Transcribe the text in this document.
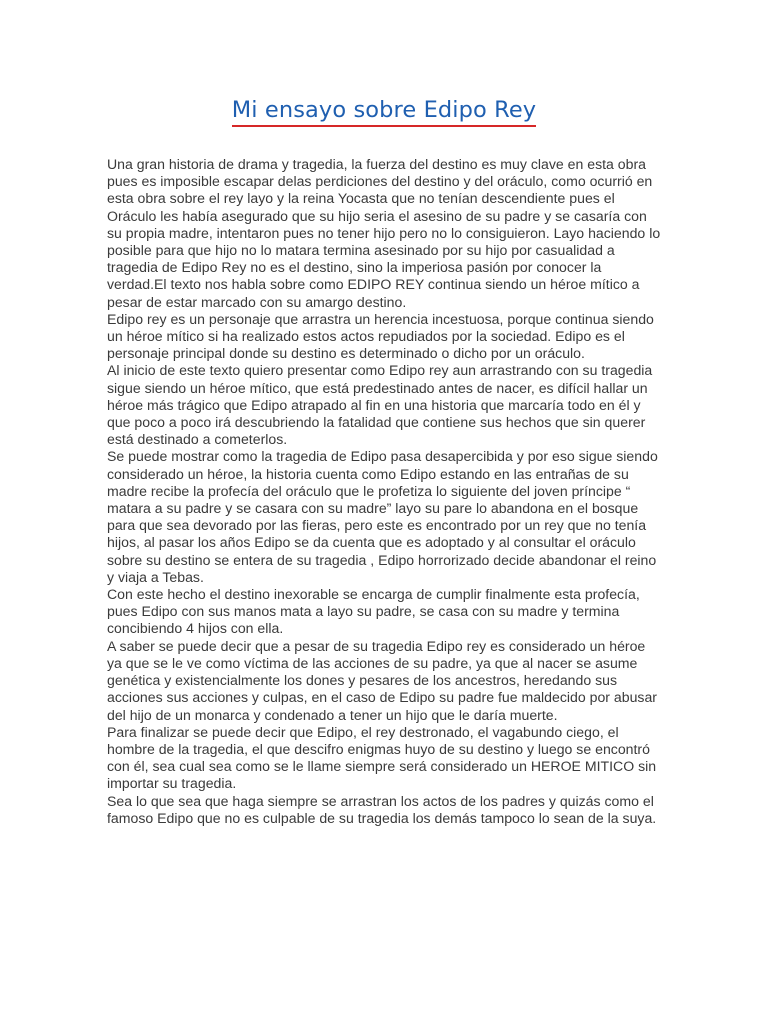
Mi ensayo sobre Edipo Rey

Una gran historia de drama y tragedia, la fuerza del destino es muy clave en esta obra pues es imposible escapar delas perdiciones del destino y del oráculo, como ocurrió en esta obra sobre el rey layo y la reina Yocasta que no tenían descendiente pues el Oráculo les había asegurado que su hijo seria el asesino de su padre y se casaría con su propia madre, intentaron pues no tener hijo pero no lo consiguieron. Layo haciendo lo posible para que hijo no lo matara termina asesinado por su hijo por casualidad a tragedia de Edipo Rey no es el destino, sino la imperiosa pasión por conocer la verdad.El texto nos habla sobre como EDIPO REY continua siendo un héroe mítico a pesar de estar marcado con su amargo destino.

Edipo rey es un personaje que arrastra un herencia incestuosa, porque continua siendo un héroe mítico si ha realizado estos actos repudiados por la sociedad. Edipo es el personaje principal donde su destino es determinado o dicho por un oráculo.

Al inicio de este texto quiero presentar como Edipo rey aun arrastrando con su tragedia sigue siendo un héroe mítico, que está predestinado antes de nacer, es difícil hallar un héroe más trágico que Edipo atrapado al fin en una historia que marcaría todo en él y que poco a poco irá descubriendo la fatalidad que contiene sus hechos que sin querer está destinado a cometerlos.

Se puede mostrar como la tragedia de Edipo pasa desapercibida y por eso sigue siendo considerado un héroe, la historia cuenta como Edipo estando en las entrañas de su madre recibe la profecía del oráculo que le profetiza lo siguiente del joven príncipe “ matara a su padre y se casara con su madre” layo su pare lo abandona en el bosque para que sea devorado por las fieras, pero este es encontrado por un rey que no tenía hijos, al pasar los años Edipo se da cuenta que es adoptado y al consultar el oráculo sobre su destino se entera de su tragedia , Edipo horrorizado decide abandonar el reino y viaja a Tebas.

Con este hecho el destino inexorable se encarga de cumplir finalmente esta profecía, pues Edipo con sus manos mata a layo su padre, se casa con su madre y termina concibiendo 4 hijos con ella.

A saber se puede decir que a pesar de su tragedia Edipo rey es considerado un héroe ya que se le ve como víctima de las acciones de su padre, ya que al nacer se asume genética y existencialmente los dones y pesares de los ancestros, heredando sus acciones sus acciones y culpas, en el caso de Edipo su padre fue maldecido por abusar del hijo de un monarca y condenado a tener un hijo que le daría muerte.

Para finalizar se puede decir que Edipo, el rey destronado, el vagabundo ciego, el hombre de la tragedia, el que descifro enigmas huyo de su destino y luego se encontró con él, sea cual sea como se le llame siempre será considerado un HEROE MITICO sin importar su tragedia.

Sea lo que sea que haga siempre se arrastran los actos de los padres y quizás como el famoso Edipo que no es culpable de su tragedia los demás tampoco lo sean de la suya.
